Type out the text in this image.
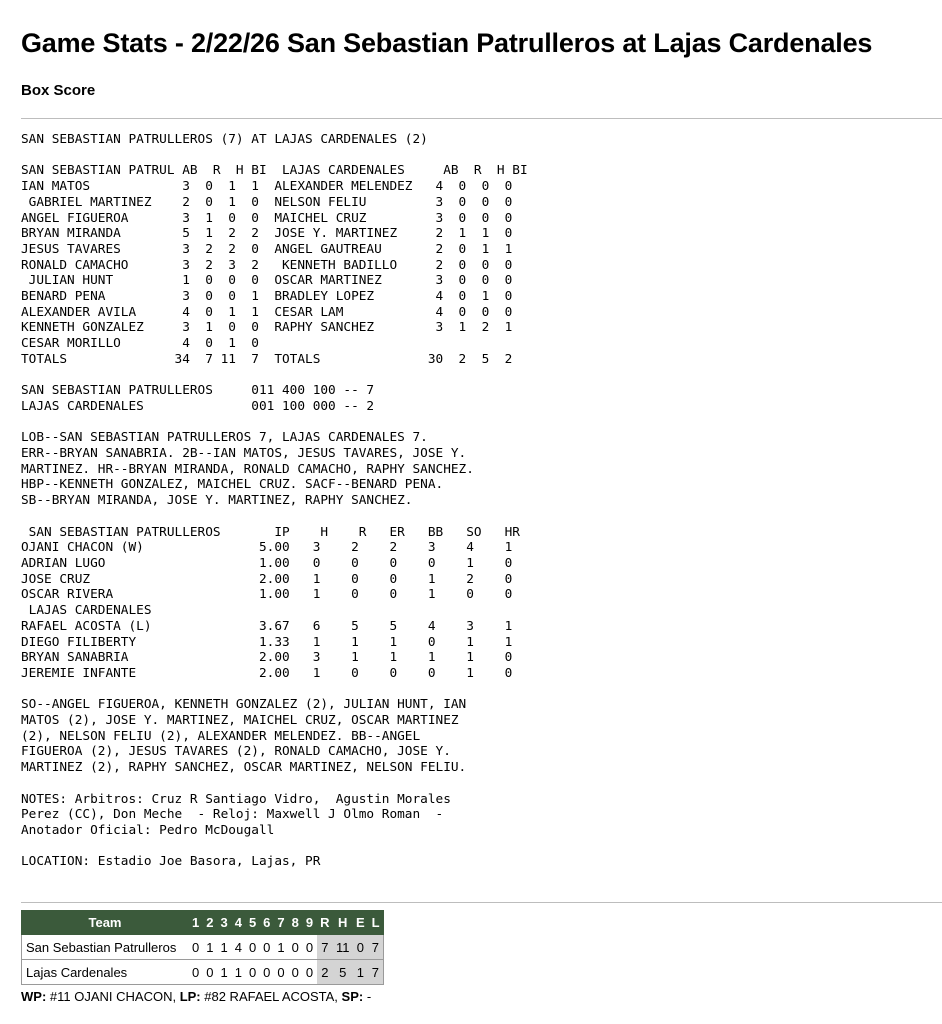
Game Stats - 2/22/26 San Sebastian Patrulleros at Lajas Cardenales
Box Score
SAN SEBASTIAN PATRULLEROS (7) AT LAJAS CARDENALES (2)

SAN SEBASTIAN PATRUL AB  R  H BI  LAJAS CARDENALES     AB  R  H BI
IAN MATOS            3  0  1  1  ALEXANDER MELENDEZ   4  0  0  0
GABRIEL MARTINEZ    2  0  1  0  NELSON FELIU         3  0  0  0
ANGEL FIGUEROA       3  1  0  0  MAICHEL CRUZ         3  0  0  0
BRYAN MIRANDA        5  1  2  2  JOSE Y. MARTINEZ     2  1  1  0
JESUS TAVARES        3  2  2  0  ANGEL GAUTREAU       2  0  1  1
RONALD CAMACHO       3  2  3  2   KENNETH BADILLO     2  0  0  0
JULIAN HUNT         1  0  0  0  OSCAR MARTINEZ       3  0  0  0
BENARD PENA          3  0  0  1  BRADLEY LOPEZ        4  0  1  0
ALEXANDER AVILA      4  0  1  1  CESAR LAM            4  0  0  0
KENNETH GONZALEZ     3  1  0  0  RAPHY SANCHEZ        3  1  2  1
CESAR MORILLO        4  0  1  0
TOTALS              34  7 11  7  TOTALS              30  2  5  2

SAN SEBASTIAN PATRULLEROS     011 400 100 -- 7
LAJAS CARDENALES              001 100 000 -- 2

LOB--SAN SEBASTIAN PATRULLEROS 7, LAJAS CARDENALES 7.
ERR--BRYAN SANABRIA. 2B--IAN MATOS, JESUS TAVARES, JOSE Y.
MARTINEZ. HR--BRYAN MIRANDA, RONALD CAMACHO, RAPHY SANCHEZ.
HBP--KENNETH GONZALEZ, MAICHEL CRUZ. SACF--BENARD PENA.
SB--BRYAN MIRANDA, JOSE Y. MARTINEZ, RAPHY SANCHEZ.

SAN SEBASTIAN PATRULLEROS       IP    H    R   ER   BB   SO   HR
OJANI CHACON (W)               5.00   3    2    2    3    4    1
ADRIAN LUGO                    1.00   0    0    0    0    1    0
JOSE CRUZ                      2.00   1    0    0    1    2    0
OSCAR RIVERA                   1.00   1    0    0    1    0    0
LAJAS CARDENALES
RAFAEL ACOSTA (L)              3.67   6    5    5    4    3    1
DIEGO FILIBERTY                1.33   1    1    1    0    1    1
BRYAN SANABRIA                 2.00   3    1    1    1    1    0
JEREMIE INFANTE                2.00   1    0    0    0    1    0

SO--ANGEL FIGUEROA, KENNETH GONZALEZ (2), JULIAN HUNT, IAN
MATOS (2), JOSE Y. MARTINEZ, MAICHEL CRUZ, OSCAR MARTINEZ
(2), NELSON FELIU (2), ALEXANDER MELENDEZ. BB--ANGEL
FIGUEROA (2), JESUS TAVARES (2), RONALD CAMACHO, JOSE Y.
MARTINEZ (2), RAPHY SANCHEZ, OSCAR MARTINEZ, NELSON FELIU.

NOTES: Arbitros: Cruz R Santiago Vidro,  Agustin Morales
Perez (CC), Don Meche  - Reloj: Maxwell J Olmo Roman  -
Anotador Oficial: Pedro McDougall

LOCATION: Estadio Joe Basora, Lajas, PR
Team	1	2	3	4	5	6	7	8	9	R	H	E	L
San Sebastian Patrulleros	0	1	1	4	0	0	1	0	0	7	11	0	7
Lajas Cardenales	0	0	1	1	0	0	0	0	0	2	5	1	7
WP: #11 OJANI CHACON, LP: #82 RAFAEL ACOSTA, SP: -
